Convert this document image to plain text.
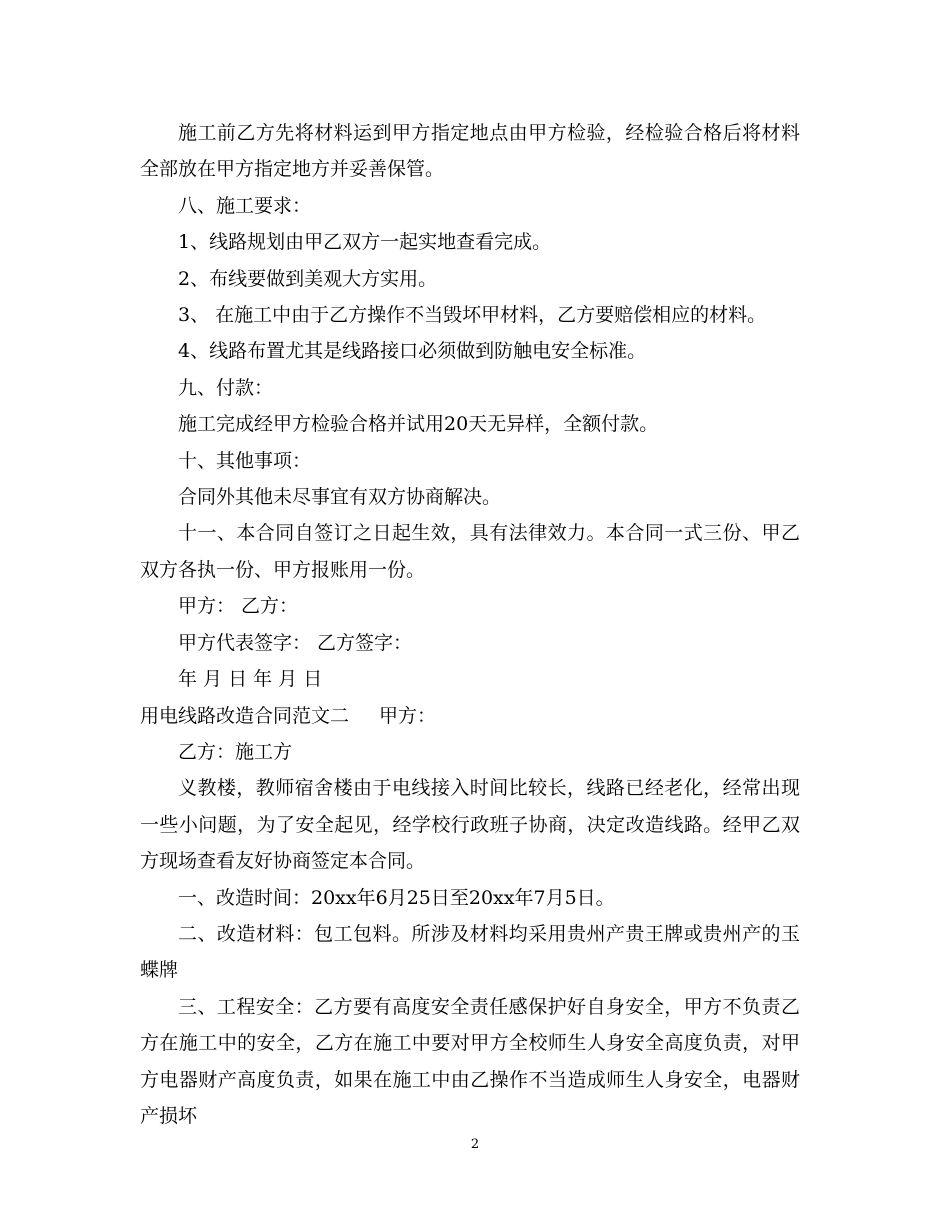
施工前乙方先将材料运到甲方指定地点由甲方检验，经检验合格后将材料全部放在甲方指定地方并妥善保管。

八、施工要求：

1、线路规划由甲乙双方一起实地查看完成。

2、布线要做到美观大方实用。

3、 在施工中由于乙方操作不当毁坏甲材料，乙方要赔偿相应的材料。

4、线路布置尤其是线路接口必须做到防触电安全标准。

九、付款：

施工完成经甲方检验合格并试用20天无异样，全额付款。

十、其他事项：

合同外其他未尽事宜有双方协商解决。

十一、本合同自签订之日起生效，具有法律效力。本合同一式三份、甲乙双方各执一份、甲方报账用一份。

甲方： 乙方：

甲方代表签字： 乙方签字：

年 月 日 年 月 日

用电线路改造合同范文二 甲方：

乙方：施工方

义教楼，教师宿舍楼由于电线接入时间比较长，线路已经老化，经常出现一些小问题，为了安全起见，经学校行政班子协商，决定改造线路。经甲乙双方现场查看友好协商签定本合同。

一、改造时间：20xx年6月25日至20xx年7月5日。

二、改造材料：包工包料。所涉及材料均采用贵州产贵王牌或贵州产的玉蝶牌

三、工程安全：乙方要有高度安全责任感保护好自身安全，甲方不负责乙方在施工中的安全，乙方在施工中要对甲方全校师生人身安全高度负责，对甲方电器财产高度负责，如果在施工中由乙操作不当造成师生人身安全，电器财产损坏

2
